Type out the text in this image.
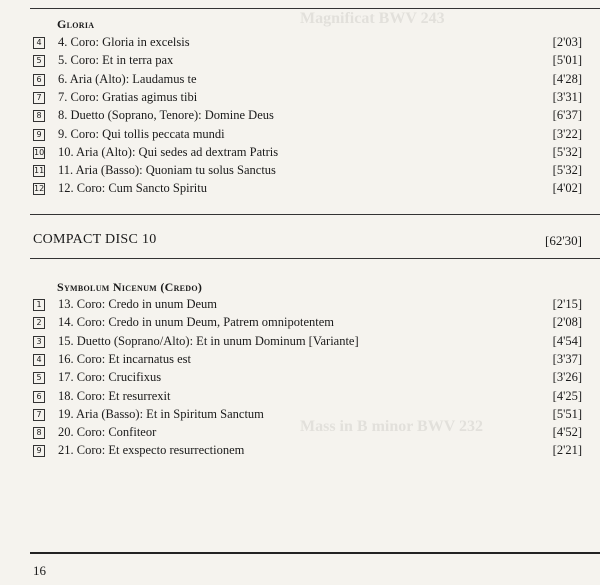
Magnificat BWV 243

Mass in B minor BWV 232
Gloria
4 4. Coro: Gloria in excelsis	[2'03]
5 5. Coro: Et in terra pax	[5'01]
6 6. Aria (Alto): Laudamus te	[4'28]
7 7. Coro: Gratias agimus tibi	[3'31]
8 8. Duetto (Soprano, Tenore): Domine Deus	[6'37]
9 9. Coro: Qui tollis peccata mundi	[3'22]
10 10. Aria (Alto): Qui sedes ad dextram Patris	[5'32]
11 11. Aria (Basso): Quoniam tu solus Sanctus	[5'32]
12 12. Coro: Cum Sancto Spiritu	[4'02]
COMPACT DISC 10	[62'30]
Symbolum Nicenum (Credo)
1 13. Coro: Credo in unum Deum	[2'15]
2 14. Coro: Credo in unum Deum, Patrem omnipotentem	[2'08]
3 15. Duetto (Soprano/Alto): Et in unum Dominum [Variante]	[4'54]
4 16. Coro: Et incarnatus est	[3'37]
5 17. Coro: Crucifixus	[3'26]
6 18. Coro: Et resurrexit	[4'25]
7 19. Aria (Basso): Et in Spiritum Sanctum	[5'51]
8 20. Coro: Confiteor	[4'52]
9 21. Coro: Et exspecto resurrectionem	[2'21]
16
